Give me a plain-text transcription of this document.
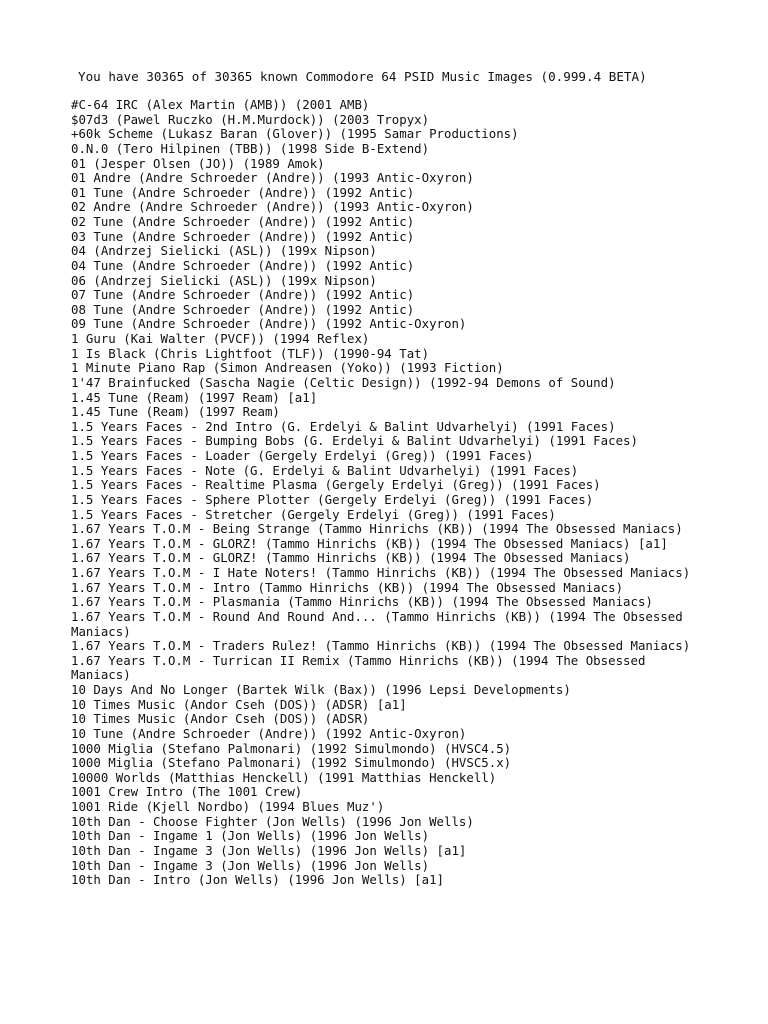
You have 30365 of 30365 known Commodore 64 PSID Music Images (0.999.4 BETA)
#C-64 IRC (Alex Martin (AMB)) (2001 AMB)
$07d3 (Pawel Ruczko (H.M.Murdock)) (2003 Tropyx)
+60k Scheme (Lukasz Baran (Glover)) (1995 Samar Productions)
0.N.0 (Tero Hilpinen (TBB)) (1998 Side B-Extend)
01 (Jesper Olsen (JO)) (1989 Amok)
01 Andre (Andre Schroeder (Andre)) (1993 Antic-Oxyron)
01 Tune (Andre Schroeder (Andre)) (1992 Antic)
02 Andre (Andre Schroeder (Andre)) (1993 Antic-Oxyron)
02 Tune (Andre Schroeder (Andre)) (1992 Antic)
03 Tune (Andre Schroeder (Andre)) (1992 Antic)
04 (Andrzej Sielicki (ASL)) (199x Nipson)
04 Tune (Andre Schroeder (Andre)) (1992 Antic)
06 (Andrzej Sielicki (ASL)) (199x Nipson)
07 Tune (Andre Schroeder (Andre)) (1992 Antic)
08 Tune (Andre Schroeder (Andre)) (1992 Antic)
09 Tune (Andre Schroeder (Andre)) (1992 Antic-Oxyron)
1 Guru (Kai Walter (PVCF)) (1994 Reflex)
1 Is Black (Chris Lightfoot (TLF)) (1990-94 Tat)
1 Minute Piano Rap (Simon Andreasen (Yoko)) (1993 Fiction)
1'47 Brainfucked (Sascha Nagie (Celtic Design)) (1992-94 Demons of Sound)
1.45 Tune (Ream) (1997 Ream) [a1]
1.45 Tune (Ream) (1997 Ream)
1.5 Years Faces - 2nd Intro (G. Erdelyi & Balint Udvarhelyi) (1991 Faces)
1.5 Years Faces - Bumping Bobs (G. Erdelyi & Balint Udvarhelyi) (1991 Faces)
1.5 Years Faces - Loader (Gergely Erdelyi (Greg)) (1991 Faces)
1.5 Years Faces - Note (G. Erdelyi & Balint Udvarhelyi) (1991 Faces)
1.5 Years Faces - Realtime Plasma (Gergely Erdelyi (Greg)) (1991 Faces)
1.5 Years Faces - Sphere Plotter (Gergely Erdelyi (Greg)) (1991 Faces)
1.5 Years Faces - Stretcher (Gergely Erdelyi (Greg)) (1991 Faces)
1.67 Years T.O.M - Being Strange (Tammo Hinrichs (KB)) (1994 The Obsessed Maniacs)
1.67 Years T.O.M - GLORZ! (Tammo Hinrichs (KB)) (1994 The Obsessed Maniacs) [a1]
1.67 Years T.O.M - GLORZ! (Tammo Hinrichs (KB)) (1994 The Obsessed Maniacs)
1.67 Years T.O.M - I Hate Noters! (Tammo Hinrichs (KB)) (1994 The Obsessed Maniacs)
1.67 Years T.O.M - Intro (Tammo Hinrichs (KB)) (1994 The Obsessed Maniacs)
1.67 Years T.O.M - Plasmania (Tammo Hinrichs (KB)) (1994 The Obsessed Maniacs)
1.67 Years T.O.M - Round And Round And... (Tammo Hinrichs (KB)) (1994 The Obsessed Maniacs)
1.67 Years T.O.M - Traders Rulez! (Tammo Hinrichs (KB)) (1994 The Obsessed Maniacs)
1.67 Years T.O.M - Turrican II Remix (Tammo Hinrichs (KB)) (1994 The Obsessed Maniacs)
10 Days And No Longer (Bartek Wilk (Bax)) (1996 Lepsi Developments)
10 Times Music (Andor Cseh (DOS)) (ADSR) [a1]
10 Times Music (Andor Cseh (DOS)) (ADSR)
10 Tune (Andre Schroeder (Andre)) (1992 Antic-Oxyron)
1000 Miglia (Stefano Palmonari) (1992 Simulmondo) (HVSC4.5)
1000 Miglia (Stefano Palmonari) (1992 Simulmondo) (HVSC5.x)
10000 Worlds (Matthias Henckell) (1991 Matthias Henckell)
1001 Crew Intro (The 1001 Crew)
1001 Ride (Kjell Nordbo) (1994 Blues Muz')
10th Dan - Choose Fighter (Jon Wells) (1996 Jon Wells)
10th Dan - Ingame 1 (Jon Wells) (1996 Jon Wells)
10th Dan - Ingame 3 (Jon Wells) (1996 Jon Wells) [a1]
10th Dan - Ingame 3 (Jon Wells) (1996 Jon Wells)
10th Dan - Intro (Jon Wells) (1996 Jon Wells) [a1]
